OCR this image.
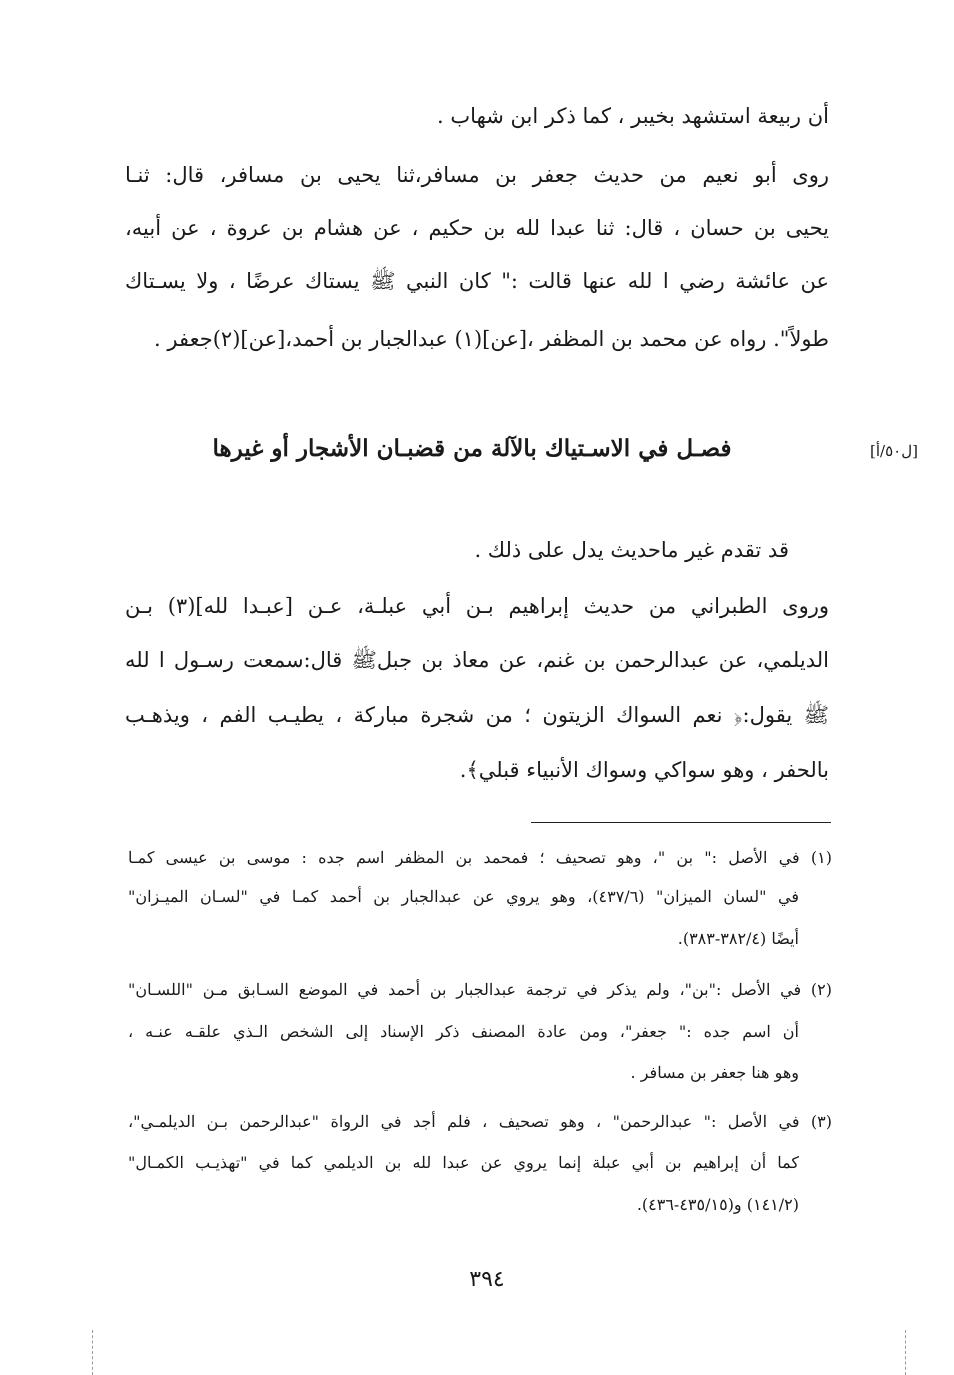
أن ربيعة استشهد بخيبر ، كما ذكر ابن شهاب .
روى أبو نعيم من حديث جعفر بن مسافر،ثنا يحيى بن مسافر، قال: ثنـا
يحيى بن حسان ، قال: ثنا عبدا لله بن حكيم ، عن هشام بن عروة ، عن أبيه،
عن عائشة رضي ا لله عنها قالت :" كان النبي ﷺ يستاك عرضًا ، ولا يسـتاك
طولاً". رواه عن محمد بن المظفر ،[عن](١) عبدالجبار بن أحمد،[عن](٢)جعفر .
[ل٥٠/أ]
فصـل في الاسـتياك بالآلة من قضبـان الأشجار أو غيرها
قد تقدم غير ماحديث يدل على ذلك .
وروى الطبراني من حديث إبراهيم بـن أبي عبلـة، عـن [عبـدا لله](٣) بـن
الديلمي، عن عبدالرحمن بن غنم، عن معاذ بن جبلﷺ قال:سمعت رسـول ا لله
ﷺ يقول:﴿ نعم السواك الزيتون ؛ من شجرة مباركة ، يطيـب الفم ، ويذهـب
بالحفر ، وهو سواكي وسواك الأنبياء قبلي﴾.
(١) في الأصل :" بن "، وهو تصحيف ؛ فمحمد بن المظفر اسم جده : موسى بن عيسى كمـا
في "لسان الميزان" (٤٣٧/٦)، وهو يروي عن عبدالجبار بن أحمد كمـا في "لسـان الميـزان"
أيضًا (٣٨٢/٤-٣٨٣).
(٢) في الأصل :"بن"، ولم يذكر في ترجمة عبدالجبار بن أحمد في الموضع السـابق مـن "اللسـان"
أن اسم جده :" جعفر"، ومن عادة المصنف ذكر الإسناد إلى الشخص الـذي علقـه عنـه ،
وهو هنا جعفر بن مسافر .
(٣) في الأصل :" عبدالرحمن" ، وهو تصحيف ، فلم أجد في الرواة "عبدالرحمن بـن الديلمـي"،
كما أن إبراهيم بن أبي عبلة إنما يروي عن عبدا لله بن الديلمي كما في "تهذيـب الكمـال"
(١٤١/٢) و(٤٣٥/١٥-٤٣٦).
٣٩٤
